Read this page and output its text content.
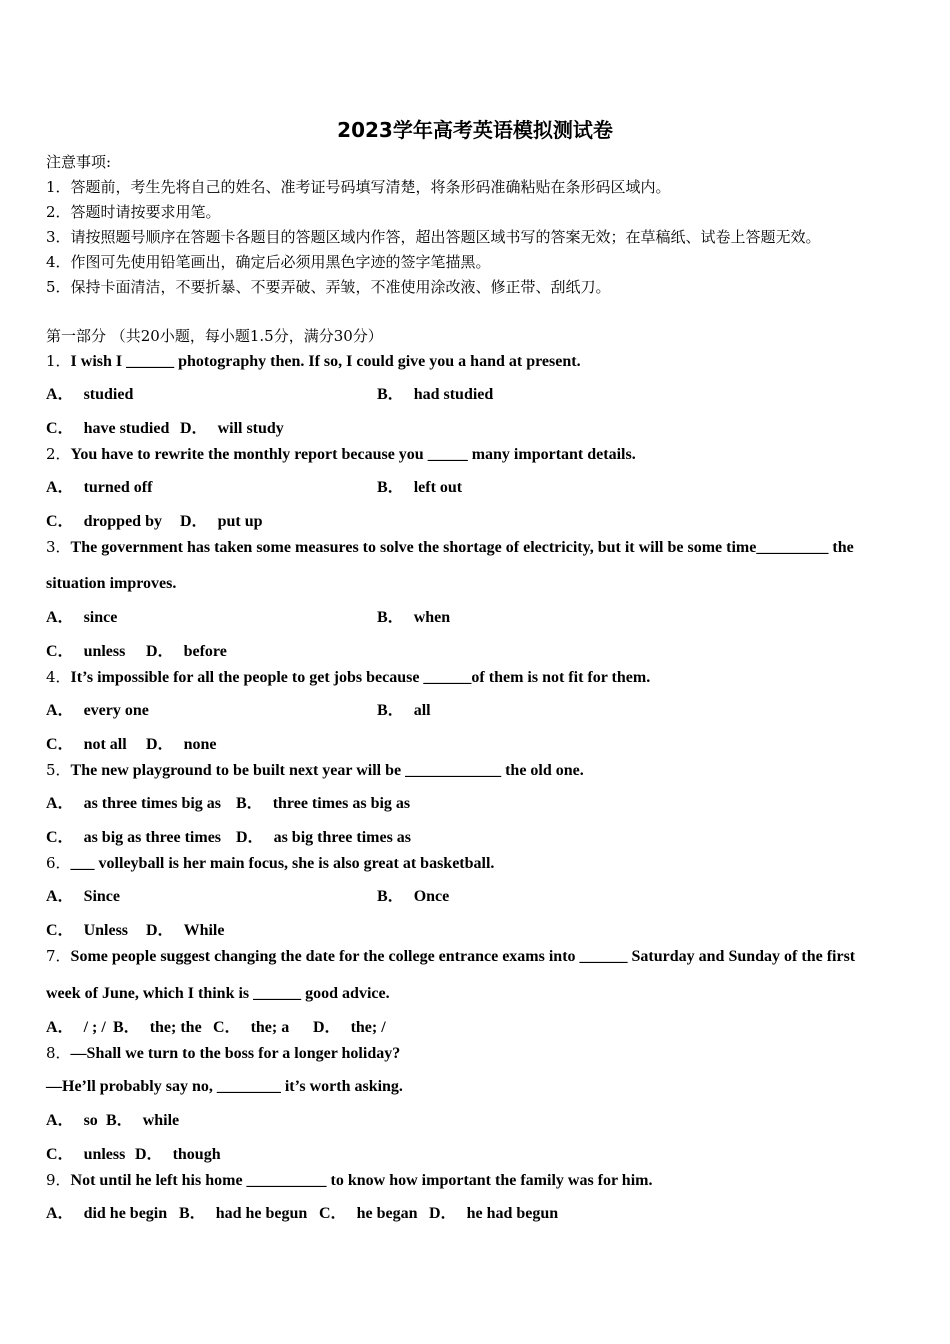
2023学年高考英语模拟测试卷
注意事项:
1．答题前，考生先将自己的姓名、准考证号码填写清楚，将条形码准确粘贴在条形码区域内。
2．答题时请按要求用笔。
3．请按照题号顺序在答题卡各题目的答题区域内作答，超出答题区域书写的答案无效；在草稿纸、试卷上答题无效。
4．作图可先使用铅笔画出，确定后必须用黑色字迹的签字笔描黑。
5．保持卡面清洁，不要折暴、不要弄破、弄皱，不准使用涂改液、修正带、刮纸刀。
第一部分 （共20小题，每小题1.5分，满分30分）
1．I wish I ______ photography then. If so, I could give you a hand at present.
A． studied	B． had studied
C． have studied D． will study
2．You have to rewrite the monthly report because you _____ many important details.
A． turned off	B． left out
C． dropped by D． put up
3．The government has taken some measures to solve the shortage of electricity, but it will be some time_________ the
situation improves.
A． since	B． when
C． unless D． before
4．It’s impossible for all the people to get jobs because ______of them is not fit for them.
A． every one	B． all
C． not all D． none
5．The new playground to be built next year will be ____________ the old one.
A． as three times big as B． three times as big as
C． as big as three times D． as big three times as
6．___ volleyball is her main focus, she is also great at basketball.
A． Since	B． Once
C． Unless D． While
7．Some people suggest changing the date for the college entrance exams into ______ Saturday and Sunday of the first
week of June, which I think is ______ good advice.
A． / ; / B． the; the C． the; a D． the; /
8．—Shall we turn to the boss for a longer holiday?
—He’ll probably say no, ________ it’s worth asking.
A． so B． while
C． unless D． though
9．Not until he left his home __________ to know how important the family was for him.
A． did he begin B． had he begun C． he began D． he had begun
